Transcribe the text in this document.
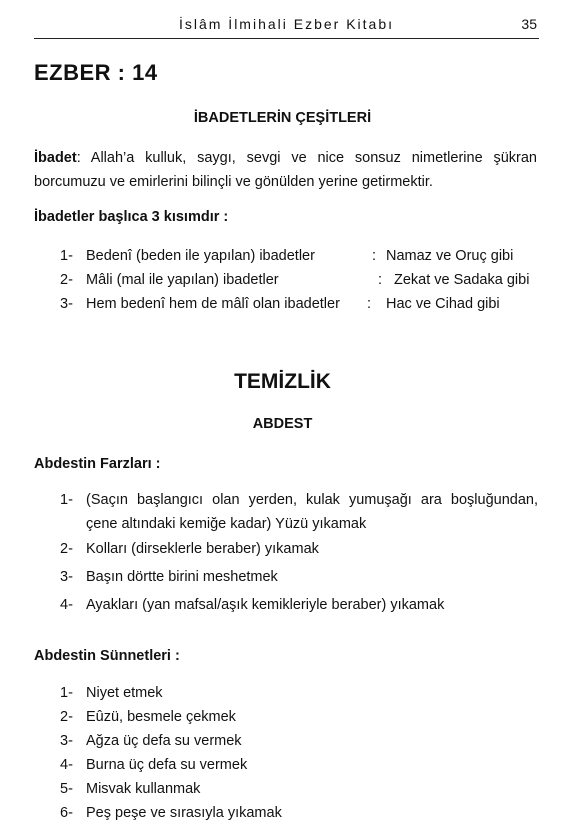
İslâm İlmihali Ezber Kitabı	35
EZBER : 14
İBADETLERİN ÇEŞİTLERİ
İbadet: Allah’a kulluk, saygı, sevgi ve nice sonsuz nimetlerine şükran borcumuzu ve emirlerini bilinçli ve gönülden yerine getirmektir.
İbadetler başlıca 3 kısımdır :
1- Bedenî (beden ile yapılan) ibadetler	: Namaz ve Oruç gibi
2- Mâli (mal ile yapılan) ibadetler	: Zekat ve Sadaka gibi
3- Hem bedenî hem de mâlî olan ibadetler : Hac ve Cihad gibi
TEMİZLİK
ABDEST
Abdestin Farzları :
1- (Saçın başlangıcı olan yerden, kulak yumuşağı ara boşluğundan, çene altındaki kemiğe kadar) Yüzü yıkamak
2- Kolları (dirseklerle beraber) yıkamak
3- Başın dörtte birini meshetmek
4- Ayakları (yan mafsal/aşık kemikleriyle beraber) yıkamak
Abdestin Sünnetleri :
1- Niyet etmek
2- Eûzü, besmele çekmek
3- Ağza üç defa su vermek
4- Burna üç defa su vermek
5- Misvak kullanmak
6- Peş peşe ve sırasıyla yıkamak
